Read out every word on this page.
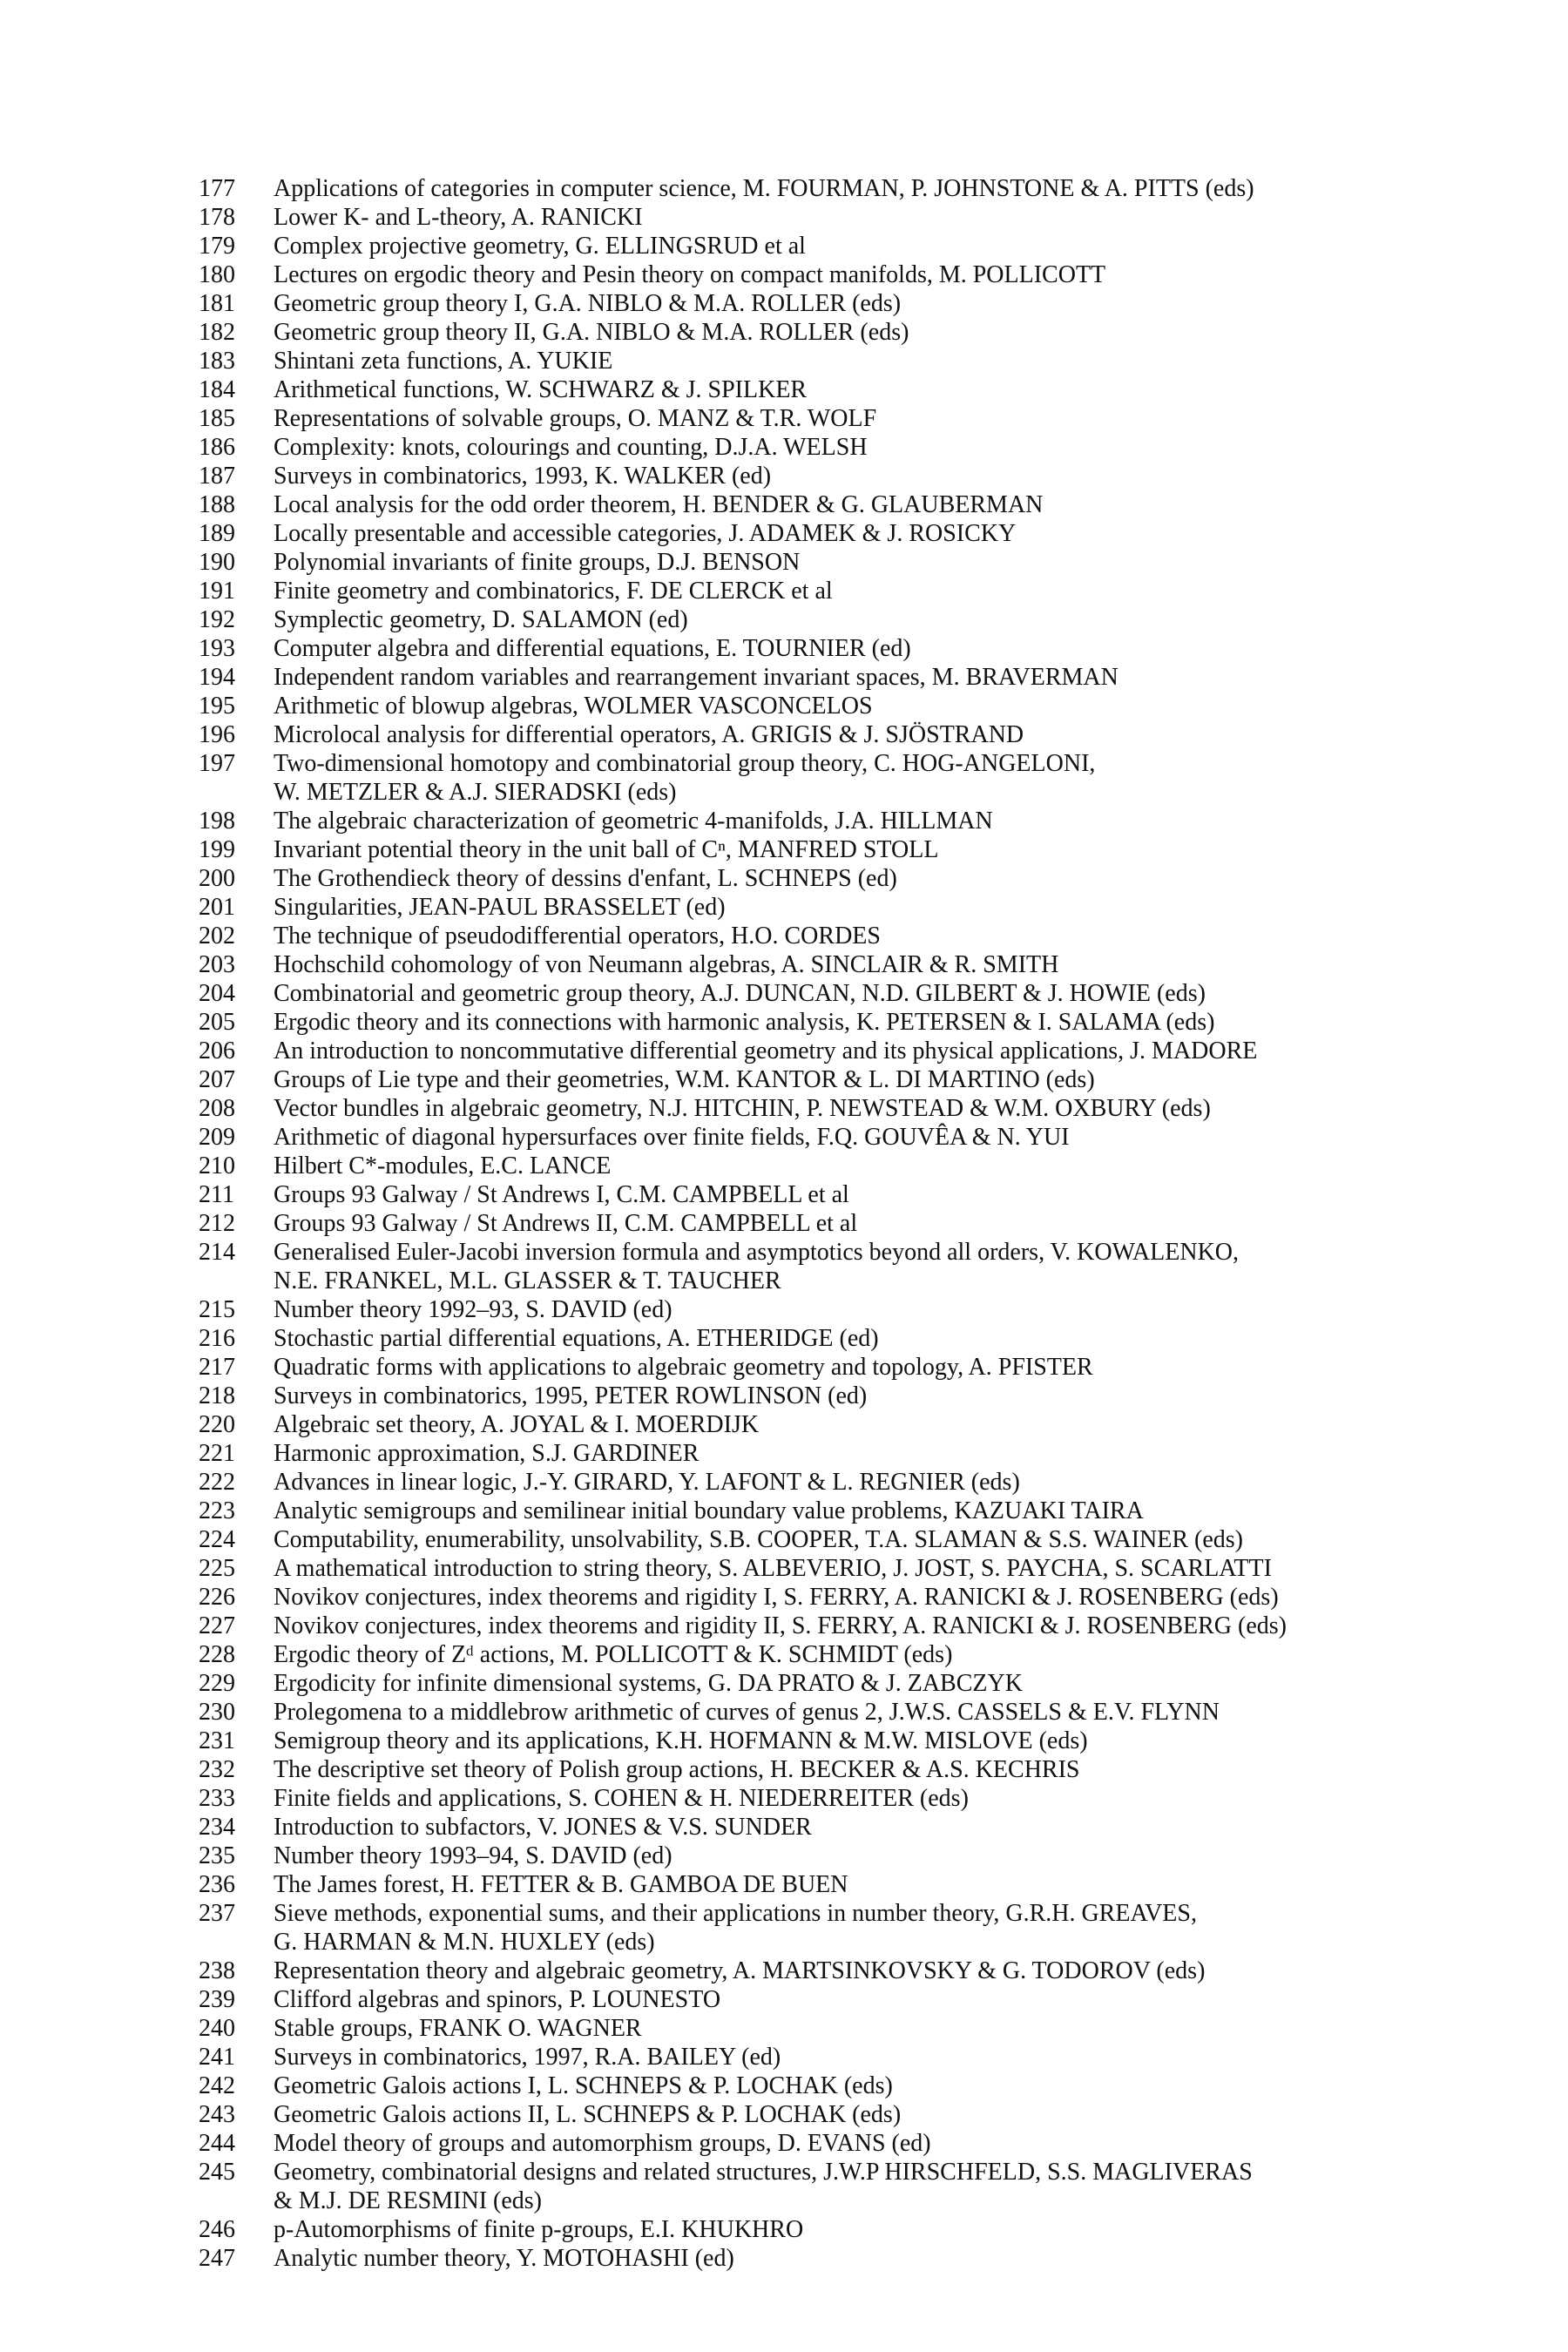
177	Applications of categories in computer science, M. FOURMAN, P. JOHNSTONE & A. PITTS (eds)
178	Lower K- and L-theory, A. RANICKI
179	Complex projective geometry, G. ELLINGSRUD et al
180	Lectures on ergodic theory and Pesin theory on compact manifolds, M. POLLICOTT
181	Geometric group theory I, G.A. NIBLO & M.A. ROLLER (eds)
182	Geometric group theory II, G.A. NIBLO & M.A. ROLLER (eds)
183	Shintani zeta functions, A. YUKIE
184	Arithmetical functions, W. SCHWARZ & J. SPILKER
185	Representations of solvable groups, O. MANZ & T.R. WOLF
186	Complexity: knots, colourings and counting, D.J.A. WELSH
187	Surveys in combinatorics, 1993, K. WALKER (ed)
188	Local analysis for the odd order theorem, H. BENDER & G. GLAUBERMAN
189	Locally presentable and accessible categories, J. ADAMEK & J. ROSICKY
190	Polynomial invariants of finite groups, D.J. BENSON
191	Finite geometry and combinatorics, F. DE CLERCK et al
192	Symplectic geometry, D. SALAMON (ed)
193	Computer algebra and differential equations, E. TOURNIER (ed)
194	Independent random variables and rearrangement invariant spaces, M. BRAVERMAN
195	Arithmetic of blowup algebras, WOLMER VASCONCELOS
196	Microlocal analysis for differential operators, A. GRIGIS & J. SJÖSTRAND
197	Two-dimensional homotopy and combinatorial group theory, C. HOG-ANGELONI,
W. METZLER & A.J. SIERADSKI (eds)
198	The algebraic characterization of geometric 4-manifolds, J.A. HILLMAN
199	Invariant potential theory in the unit ball of Cⁿ, MANFRED STOLL
200	The Grothendieck theory of dessins d'enfant, L. SCHNEPS (ed)
201	Singularities, JEAN-PAUL BRASSELET (ed)
202	The technique of pseudodifferential operators, H.O. CORDES
203	Hochschild cohomology of von Neumann algebras, A. SINCLAIR & R. SMITH
204	Combinatorial and geometric group theory, A.J. DUNCAN, N.D. GILBERT & J. HOWIE (eds)
205	Ergodic theory and its connections with harmonic analysis, K. PETERSEN & I. SALAMA (eds)
206	An introduction to noncommutative differential geometry and its physical applications, J. MADORE
207	Groups of Lie type and their geometries, W.M. KANTOR & L. DI MARTINO (eds)
208	Vector bundles in algebraic geometry, N.J. HITCHIN, P. NEWSTEAD & W.M. OXBURY (eds)
209	Arithmetic of diagonal hypersurfaces over finite fields, F.Q. GOUVÊA & N. YUI
210	Hilbert C*-modules, E.C. LANCE
211	Groups 93 Galway / St Andrews I, C.M. CAMPBELL et al
212	Groups 93 Galway / St Andrews II, C.M. CAMPBELL et al
214	Generalised Euler-Jacobi inversion formula and asymptotics beyond all orders, V. KOWALENKO,
N.E. FRANKEL, M.L. GLASSER & T. TAUCHER
215	Number theory 1992–93, S. DAVID (ed)
216	Stochastic partial differential equations, A. ETHERIDGE (ed)
217	Quadratic forms with applications to algebraic geometry and topology, A. PFISTER
218	Surveys in combinatorics, 1995, PETER ROWLINSON (ed)
220	Algebraic set theory, A. JOYAL & I. MOERDIJK
221	Harmonic approximation, S.J. GARDINER
222	Advances in linear logic, J.-Y. GIRARD, Y. LAFONT & L. REGNIER (eds)
223	Analytic semigroups and semilinear initial boundary value problems, KAZUAKI TAIRA
224	Computability, enumerability, unsolvability, S.B. COOPER, T.A. SLAMAN & S.S. WAINER (eds)
225	A mathematical introduction to string theory, S. ALBEVERIO, J. JOST, S. PAYCHA, S. SCARLATTI
226	Novikov conjectures, index theorems and rigidity I, S. FERRY, A. RANICKI & J. ROSENBERG (eds)
227	Novikov conjectures, index theorems and rigidity II, S. FERRY, A. RANICKI & J. ROSENBERG (eds)
228	Ergodic theory of Zᵈ actions, M. POLLICOTT & K. SCHMIDT (eds)
229	Ergodicity for infinite dimensional systems, G. DA PRATO & J. ZABCZYK
230	Prolegomena to a middlebrow arithmetic of curves of genus 2, J.W.S. CASSELS & E.V. FLYNN
231	Semigroup theory and its applications, K.H. HOFMANN & M.W. MISLOVE (eds)
232	The descriptive set theory of Polish group actions, H. BECKER & A.S. KECHRIS
233	Finite fields and applications, S. COHEN & H. NIEDERREITER (eds)
234	Introduction to subfactors, V. JONES & V.S. SUNDER
235	Number theory 1993–94, S. DAVID (ed)
236	The James forest, H. FETTER & B. GAMBOA DE BUEN
237	Sieve methods, exponential sums, and their applications in number theory, G.R.H. GREAVES,
G. HARMAN & M.N. HUXLEY (eds)
238	Representation theory and algebraic geometry, A. MARTSINKOVSKY & G. TODOROV (eds)
239	Clifford algebras and spinors, P. LOUNESTO
240	Stable groups, FRANK O. WAGNER
241	Surveys in combinatorics, 1997, R.A. BAILEY (ed)
242	Geometric Galois actions I, L. SCHNEPS & P. LOCHAK (eds)
243	Geometric Galois actions II, L. SCHNEPS & P. LOCHAK (eds)
244	Model theory of groups and automorphism groups, D. EVANS (ed)
245	Geometry, combinatorial designs and related structures, J.W.P HIRSCHFELD, S.S. MAGLIVERAS
& M.J. DE RESMINI (eds)
246	p-Automorphisms of finite p-groups, E.I. KHUKHRO
247	Analytic number theory, Y. MOTOHASHI (ed)
